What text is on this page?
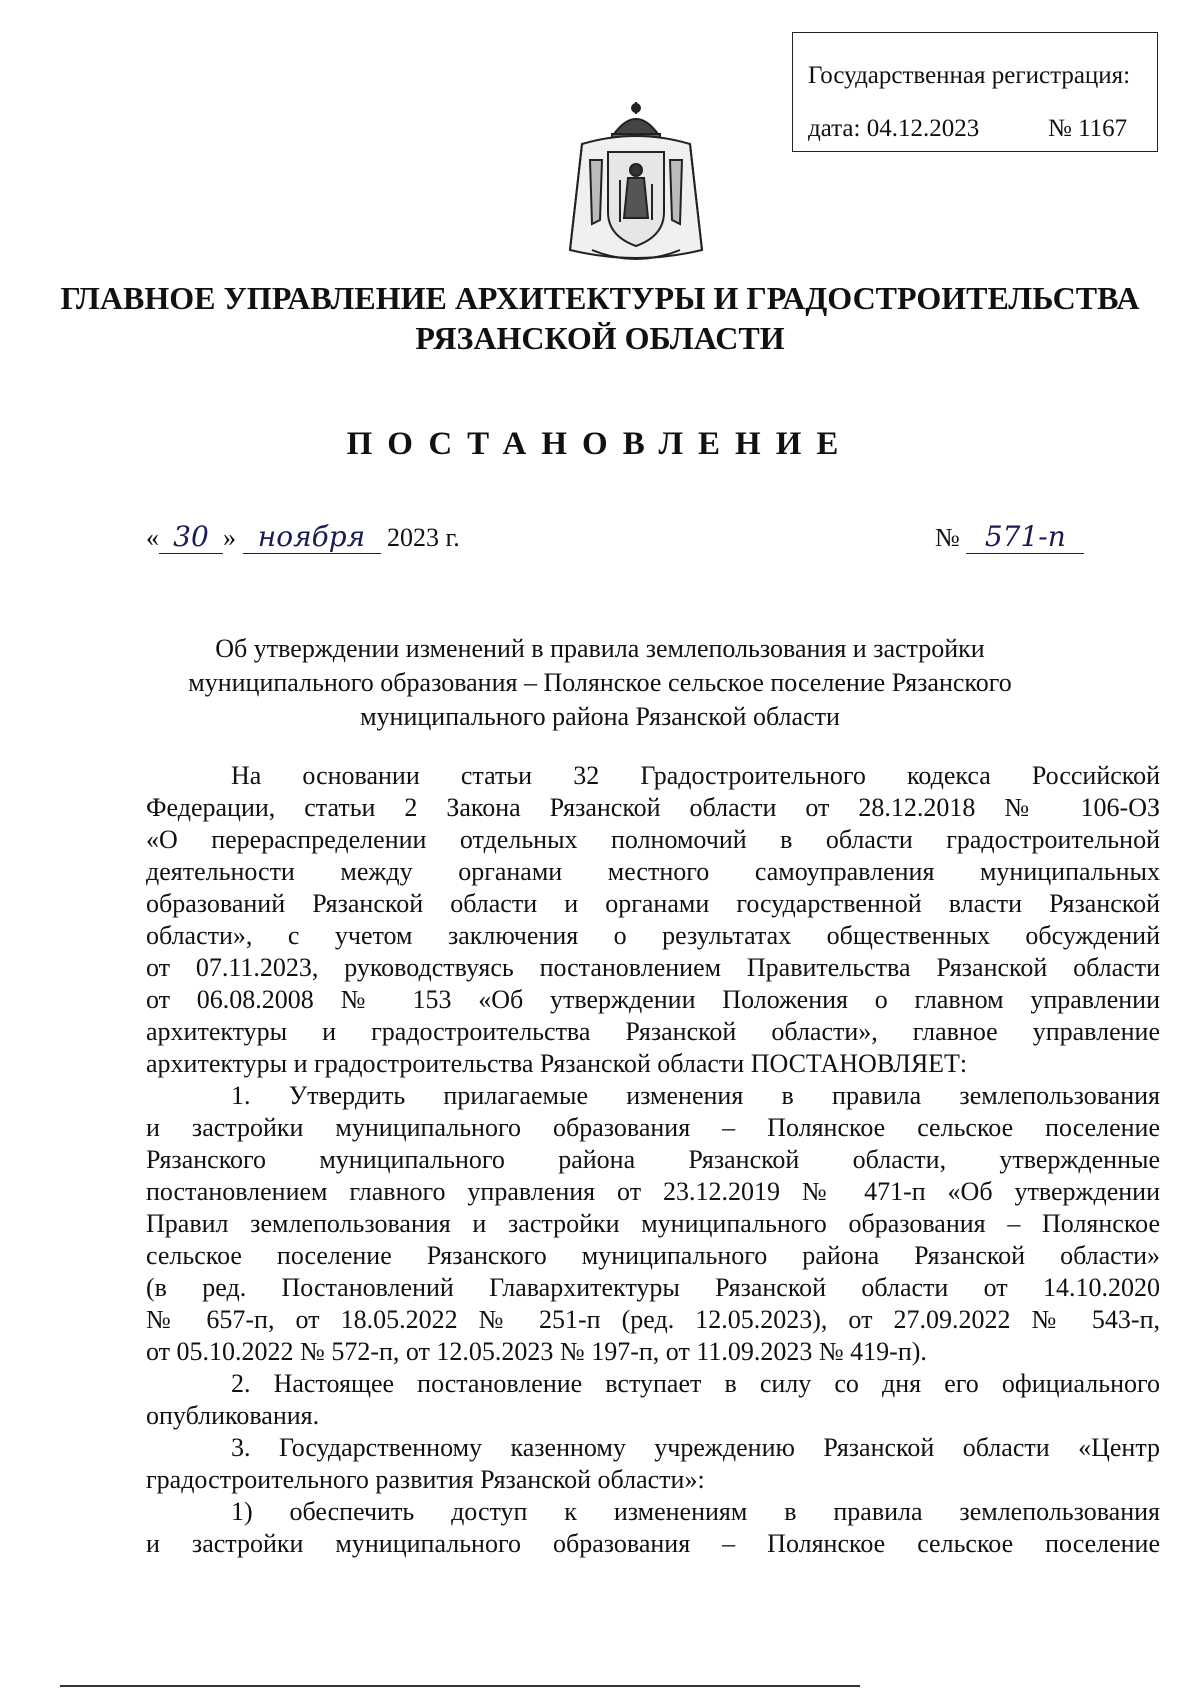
Государственная регистрация:
дата: 04.12.2023	№ 1167
ГЛАВНОЕ УПРАВЛЕНИЕ АРХИТЕКТУРЫ И ГРАДОСТРОИТЕЛЬСТВА
РЯЗАНСКОЙ ОБЛАСТИ
ПОСТАНОВЛЕНИЕ
« 30 » ноября 2023 г.	№ 571-п
Об утверждении изменений в правила землепользования и застройки
муниципального образования – Полянское сельское поселение Рязанского
муниципального района Рязанской области
На основании статьи 32 Градостроительного кодекса Российской
Федерации, статьи 2 Закона Рязанской области от 28.12.2018 № 106-ОЗ
«О перераспределении отдельных полномочий в области градостроительной
деятельности между органами местного самоуправления муниципальных
образований Рязанской области и органами государственной власти Рязанской
области», с учетом заключения о результатах общественных обсуждений
от 07.11.2023, руководствуясь постановлением Правительства Рязанской области
от 06.08.2008 № 153 «Об утверждении Положения о главном управлении
архитектуры и градостроительства Рязанской области», главное управление
архитектуры и градостроительства Рязанской области ПОСТАНОВЛЯЕТ:
1. Утвердить прилагаемые изменения в правила землепользования
и застройки муниципального образования – Полянское сельское поселение
Рязанского муниципального района Рязанской области, утвержденные
постановлением главного управления от 23.12.2019 № 471-п «Об утверждении
Правил землепользования и застройки муниципального образования – Полянское
сельское поселение Рязанского муниципального района Рязанской области»
(в ред. Постановлений Главархитектуры Рязанской области от 14.10.2020
№ 657-п, от 18.05.2022 № 251-п (ред. 12.05.2023), от 27.09.2022 № 543-п,
от 05.10.2022 № 572-п, от 12.05.2023 № 197-п, от 11.09.2023 № 419-п).
2. Настоящее постановление вступает в силу со дня его официального
опубликования.
3. Государственному казенному учреждению Рязанской области «Центр
градостроительного развития Рязанской области»:
1) обеспечить доступ к изменениям в правила землепользования
и застройки муниципального образования – Полянское сельское поселение
